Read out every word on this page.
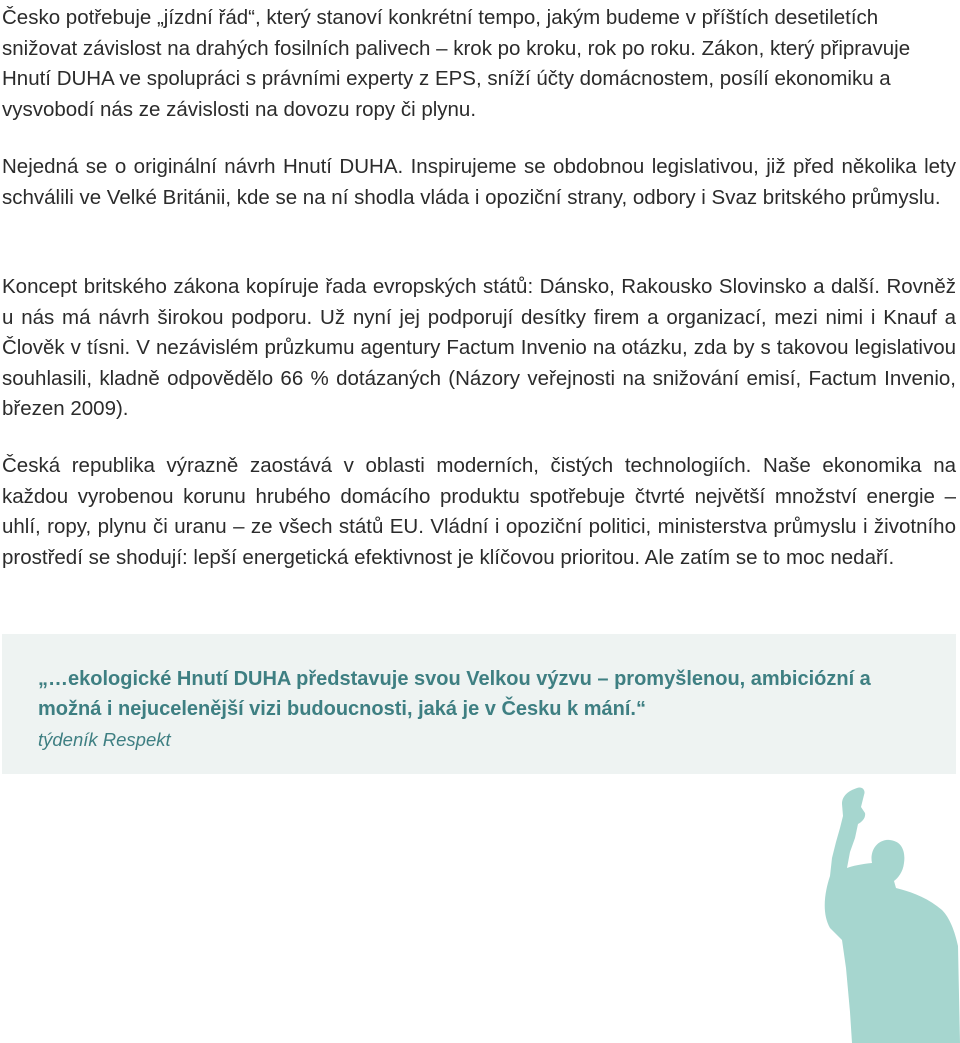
Česko potřebuje „jízdní řád“, který stanoví konkrétní tempo, jakým budeme v příštích desetiletích snižovat závislost na drahých fosilních palivech – krok po kroku, rok po roku. Zákon, který připravuje Hnutí DUHA ve spolupráci s právními experty z EPS, sníží účty domácnostem, posílí ekonomiku a vysvobodí nás ze závislosti na dovozu ropy či plynu.

Nejedná se o originální návrh Hnutí DUHA. Inspirujeme se obdobnou legislativou, již před několika lety schválili ve Velké Británii, kde se na ní shodla vláda i opoziční strany, odbory i Svaz britského průmyslu.

Koncept britského zákona kopíruje řada evropských států: Dánsko, Rakousko Slovinsko a další. Rovněž u nás má návrh širokou podporu. Už nyní jej podporují desítky firem a organizací, mezi nimi i Knauf a Člověk v tísni. V nezávislém průzkumu agentury Factum Invenio na otázku, zda by s takovou legislativou souhlasili, kladně odpovědělo 66 % dotázaných (Názory veřejnosti na snižování emisí, Factum Invenio, březen 2009).

Česká republika výrazně zaostává v oblasti moderních, čistých technologiích. Naše ekonomika na každou vyrobenou korunu hrubého domácího produktu spotřebuje čtvrté největší množství energie – uhlí, ropy, plynu či uranu – ze všech států EU. Vládní i opoziční politici, ministerstva průmyslu i životního prostředí se shodují: lepší energetická efektivnost je klíčovou prioritou. Ale zatím se to moc nedaří.

„…ekologické Hnutí DUHA představuje svou Velkou výzvu – promyšlenou, ambiciózní a možná i nejucelenější vizi budoucnosti, jaká je v Česku k mání.“

týdeník Respekt
